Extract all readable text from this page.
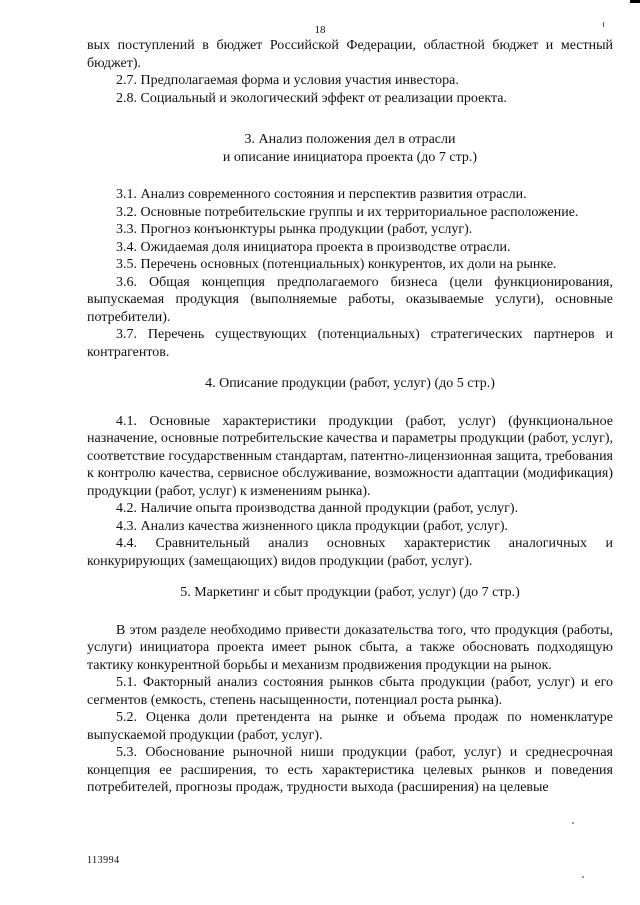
18

вых поступлений в бюджет Российской Федерации, областной бюджет и местный бюджет).

2.7. Предполагаемая форма и условия участия инвестора.

2.8. Социальный и экологический эффект от реализации проекта.

3. Анализ положения дел в отрасли

и описание инициатора проекта (до 7 стр.)

3.1. Анализ современного состояния и перспектив развития отрасли.

3.2. Основные потребительские группы и их территориальное расположение.

3.3. Прогноз конъюнктуры рынка продукции (работ, услуг).

3.4. Ожидаемая доля инициатора проекта в производстве отрасли.

3.5. Перечень основных (потенциальных) конкурентов, их доли на рынке.

3.6. Общая концепция предполагаемого бизнеса (цели функционирования, выпускаемая продукция (выполняемые работы, оказываемые услуги), основные потребители).

3.7. Перечень существующих (потенциальных) стратегических партнеров и контрагентов.

4. Описание продукции (работ, услуг) (до 5 стр.)

4.1. Основные характеристики продукции (работ, услуг) (функциональное назначение, основные потребительские качества и параметры продукции (работ, услуг), соответствие государственным стандартам, патентно-лицензионная защита, требования к контролю качества, сервисное обслуживание, возможности адаптации (модификация) продукции (работ, услуг) к изменениям рынка).

4.2. Наличие опыта производства данной продукции (работ, услуг).

4.3. Анализ качества жизненного цикла продукции (работ, услуг).

4.4. Сравнительный анализ основных характеристик аналогичных и конкурирующих (замещающих) видов продукции (работ, услуг).

5. Маркетинг и сбыт продукции (работ, услуг) (до 7 стр.)

В этом разделе необходимо привести доказательства того, что продукция (работы, услуги) инициатора проекта имеет рынок сбыта, а также обосновать подходящую тактику конкурентной борьбы и механизм продвижения продукции на рынок.

5.1. Факторный анализ состояния рынков сбыта продукции (работ, услуг) и его сегментов (емкость, степень насыщенности, потенциал роста рынка).

5.2. Оценка доли претендента на рынке и объема продаж по номенклатуре выпускаемой продукции (работ, услуг).

5.3. Обоснование рыночной ниши продукции (работ, услуг) и среднесрочная концепция ее расширения, то есть характеристика целевых рынков и поведения потребителей, прогнозы продаж, трудности выхода (расширения) на целевые

113994
